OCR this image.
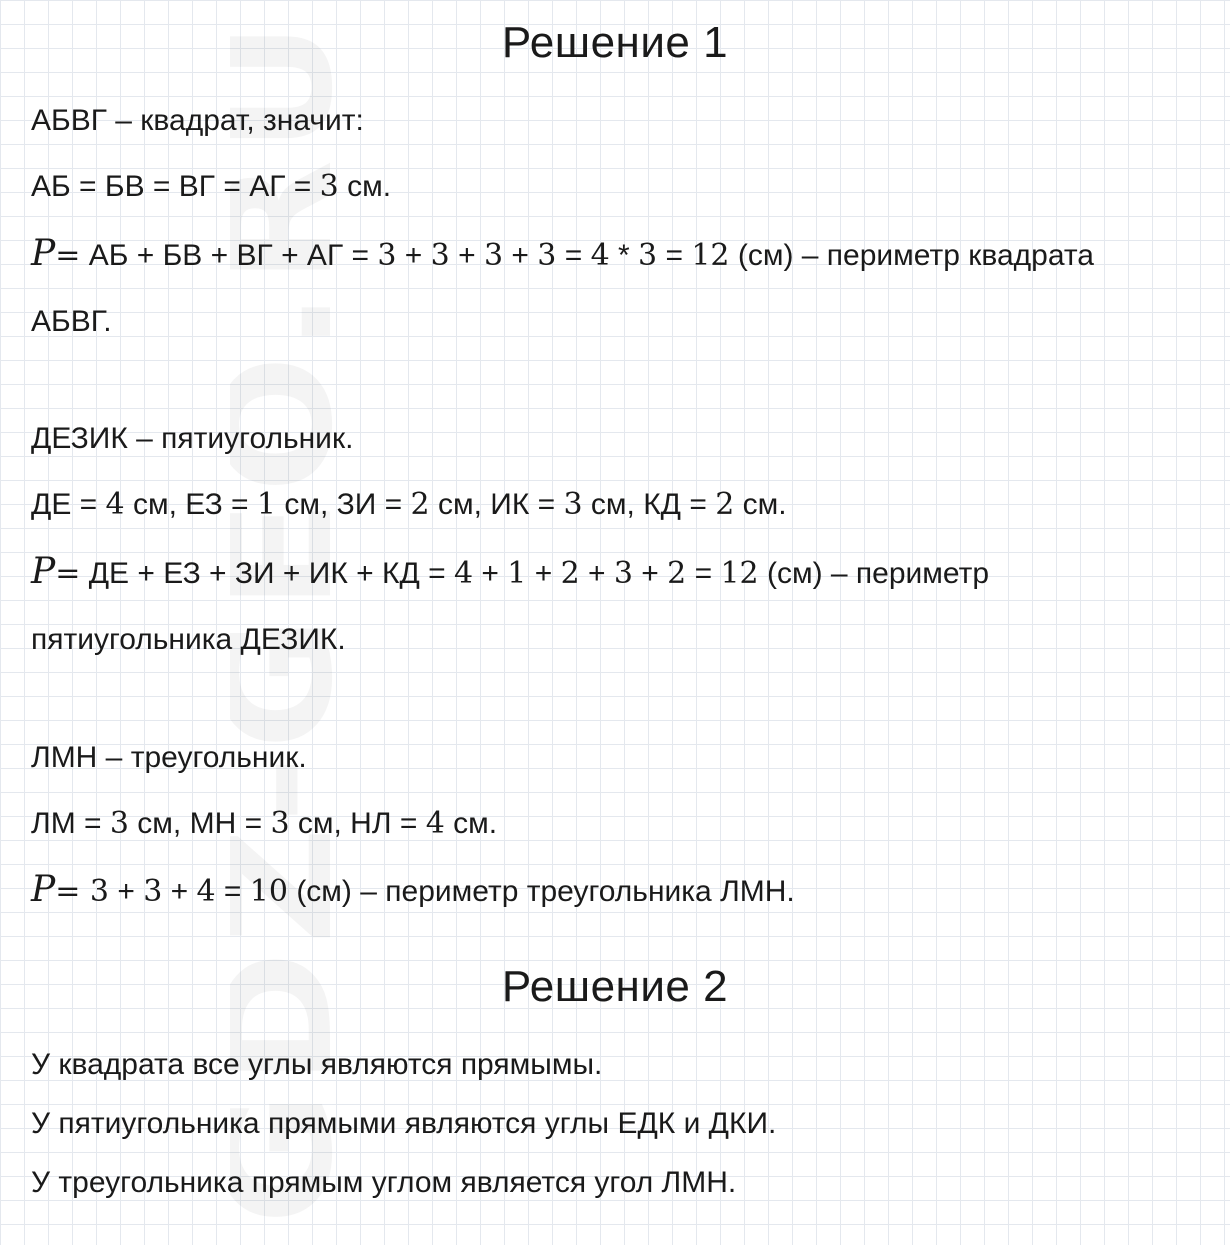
GDZ-GEO.RU
Решение 1

АБВГ – квадрат, значит:

АБ = БВ = ВГ = АГ = 3 см.

P= АБ + БВ + ВГ + АГ = 3 + 3 + 3 + 3 = 4 * 3 = 12 (см) – периметр квадрата

АБВГ.

ДЕЗИК – пятиугольник.

ДЕ = 4 см, ЕЗ = 1 см, ЗИ = 2 см, ИК = 3 см, КД = 2 см.

P= ДЕ + ЕЗ + ЗИ + ИК + КД = 4 + 1 + 2 + 3 + 2 = 12 (см) – периметр

пятиугольника ДЕЗИК.

ЛМН – треугольник.

ЛМ = 3 см, МН = 3 см, НЛ = 4 см.

P= 3 + 3 + 4 = 10 (см) – периметр треугольника ЛМН.

Решение 2

У квадрата все углы являются прямымы.

У пятиугольника прямыми являются углы ЕДК и ДКИ.

У треугольника прямым углом является угол ЛМН.
